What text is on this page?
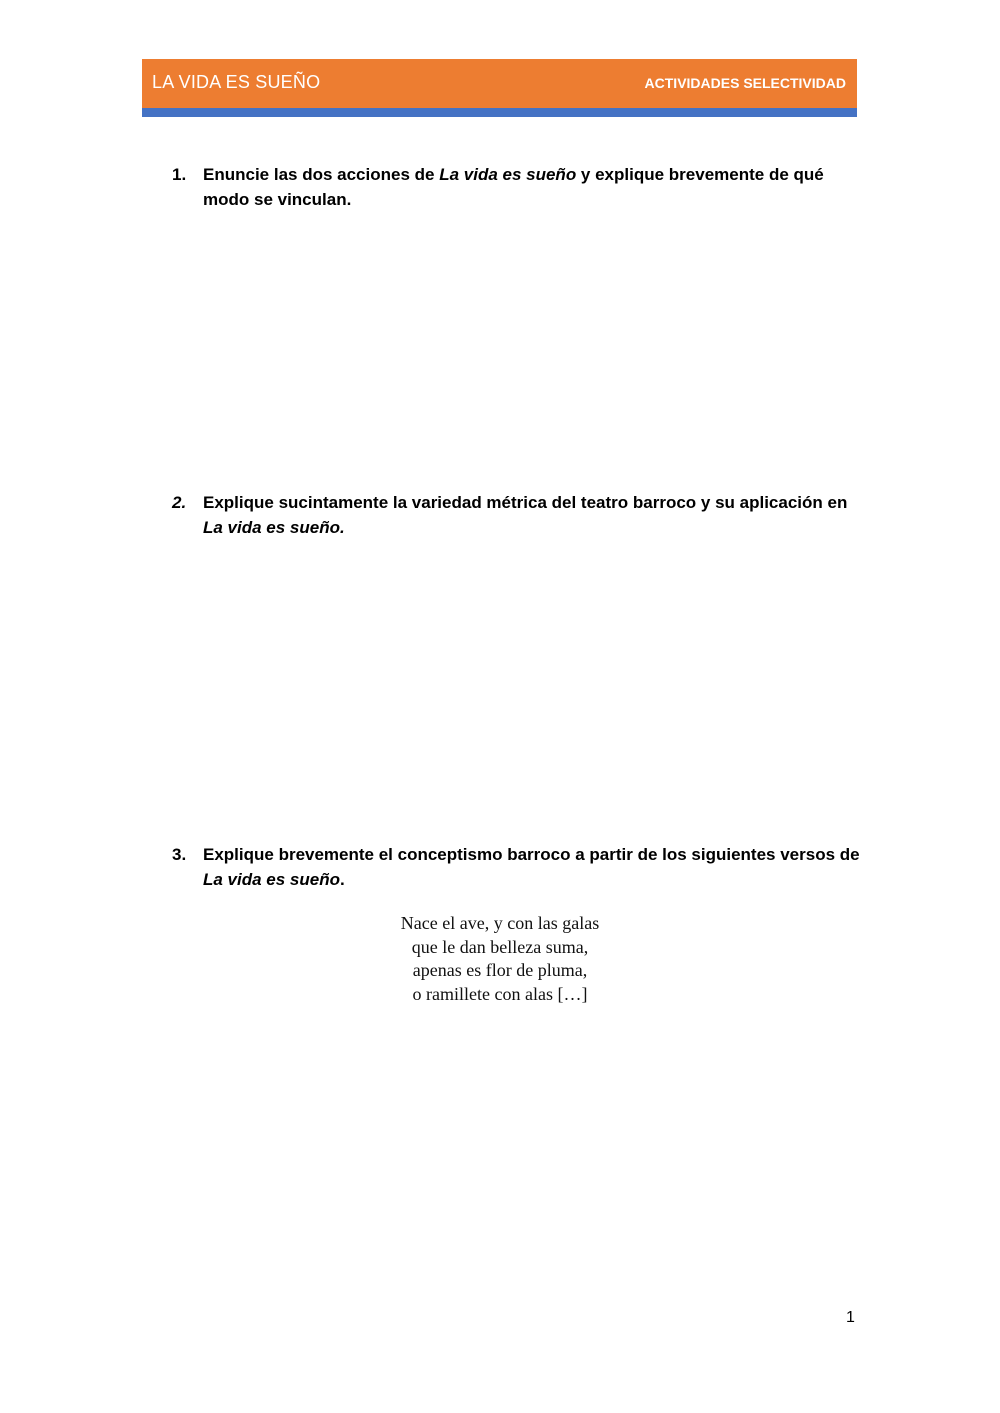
LA VIDA ES SUEÑO	ACTIVIDADES SELECTIVIDAD
1. Enuncie las dos acciones de La vida es sueño y explique brevemente de qué modo se vinculan.
2. Explique sucintamente la variedad métrica del teatro barroco y su aplicación en La vida es sueño.
3. Explique brevemente el conceptismo barroco a partir de los siguientes versos de La vida es sueño.
Nace el ave, y con las galas
que le dan belleza suma,
apenas es flor de pluma,
o ramillete con alas […]
1
